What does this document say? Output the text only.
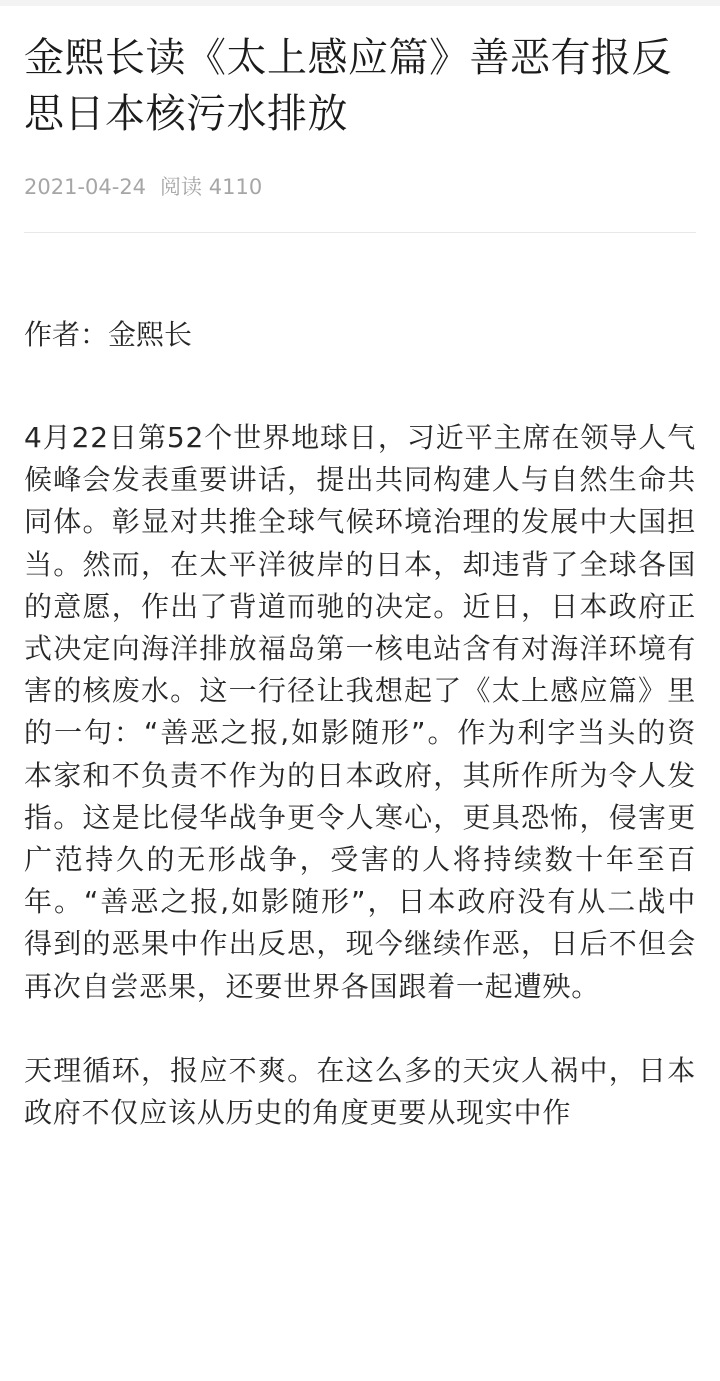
金熙长读《太上感应篇》善恶有报反思日本核污水排放
2021-04-24 阅读 4110
作者：金熙长

4月22日第52个世界地球日，习近平主席在领导人气候峰会发表重要讲话，提出共同构建人与自然生命共同体。彰显对共推全球气候环境治理的发展中大国担当。然而，在太平洋彼岸的日本，却违背了全球各国的意愿，作出了背道而驰的决定。近日，日本政府正式决定向海洋排放福岛第一核电站含有对海洋环境有害的核废水。这一行径让我想起了《太上感应篇》里的一句：“善恶之报,如影随形”。作为利字当头的资本家和不负责不作为的日本政府，其所作所为令人发指。这是比侵华战争更令人寒心，更具恐怖，侵害更广范持久的无形战争，受害的人将持续数十年至百年。“善恶之报,如影随形”，日本政府没有从二战中得到的恶果中作出反思，现今继续作恶，日后不但会再次自尝恶果，还要世界各国跟着一起遭殃。

天理循环，报应不爽。在这么多的天灾人祸中，日本政府不仅应该从历史的角度更要从现实中作
